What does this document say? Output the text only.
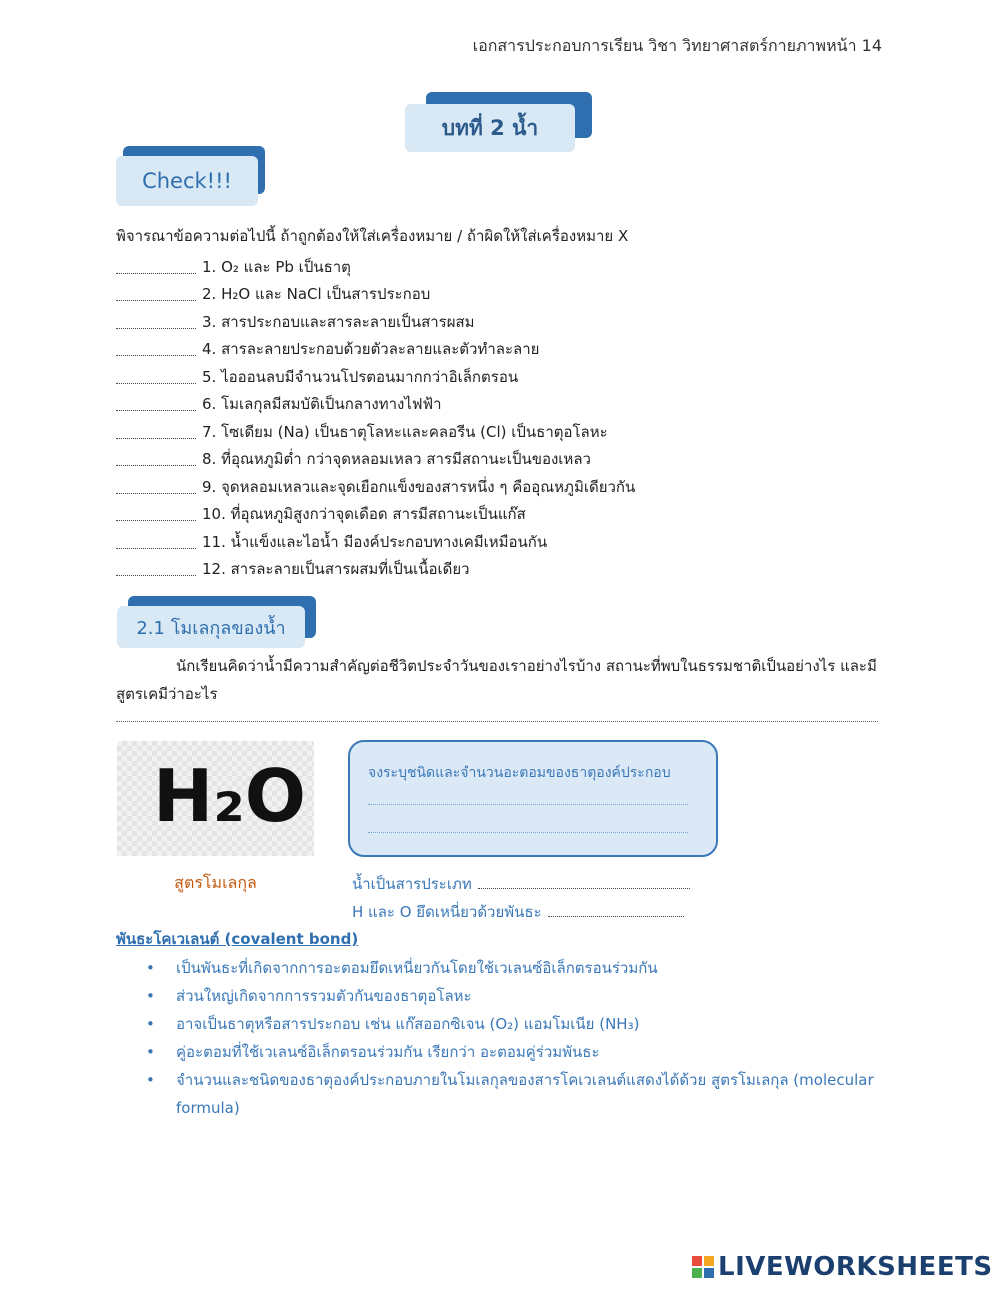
เอกสารประกอบการเรียน วิชา วิทยาศาสตร์กายภาพหน้า 14
บทที่ 2 น้ำ
Check!!!
พิจารณาข้อความต่อไปนี้ ถ้าถูกต้องให้ใส่เครื่องหมาย / ถ้าผิดให้ใส่เครื่องหมาย X
1. O₂ และ Pb เป็นธาตุ
2. H₂O และ NaCl เป็นสารประกอบ
3. สารประกอบและสารละลายเป็นสารผสม
4. สารละลายประกอบด้วยตัวละลายและตัวทำละลาย
5. ไอออนลบมีจำนวนโปรตอนมากกว่าอิเล็กตรอน
6. โมเลกุลมีสมบัติเป็นกลางทางไฟฟ้า
7. โซเดียม (Na) เป็นธาตุโลหะและคลอรีน (Cl) เป็นธาตุอโลหะ
8. ที่อุณหภูมิต่ำ กว่าจุดหลอมเหลว สารมีสถานะเป็นของเหลว
9. จุดหลอมเหลวและจุดเยือกแข็งของสารหนึ่ง ๆ คืออุณหภูมิเดียวกัน
10. ที่อุณหภูมิสูงกว่าจุดเดือด สารมีสถานะเป็นแก๊ส
11. น้ำแข็งและไอน้ำ มีองค์ประกอบทางเคมีเหมือนกัน
12. สารละลายเป็นสารผสมที่เป็นเนื้อเดียว
2.1 โมเลกุลของน้ำ
นักเรียนคิดว่าน้ำมีความสำคัญต่อชีวิตประจำวันของเราอย่างไรบ้าง สถานะที่พบในธรรมชาติเป็นอย่างไร และมีสูตรเคมีว่าอะไร
H₂O
สูตรโมเลกุล
จงระบุชนิดและจำนวนอะตอมของธาตุองค์ประกอบ
น้ำเป็นสารประเภท
H และ O ยึดเหนี่ยวด้วยพันธะ
พันธะโคเวเลนต์ (covalent bond)
• เป็นพันธะที่เกิดจากการอะตอมยึดเหนี่ยวกันโดยใช้เวเลนซ์อิเล็กตรอนร่วมกัน
• ส่วนใหญ่เกิดจากการรวมตัวกันของธาตุอโลหะ
• อาจเป็นธาตุหรือสารประกอบ เช่น แก๊สออกซิเจน (O₂) แอมโมเนีย (NH₃)
• คู่อะตอมที่ใช้เวเลนซ์อิเล็กตรอนร่วมกัน เรียกว่า อะตอมคู่ร่วมพันธะ
• จำนวนและชนิดของธาตุองค์ประกอบภายในโมเลกุลของสารโคเวเลนต์แสดงได้ด้วย สูตรโมเลกุล (molecular formula)
LIVEWORKSHEETS
